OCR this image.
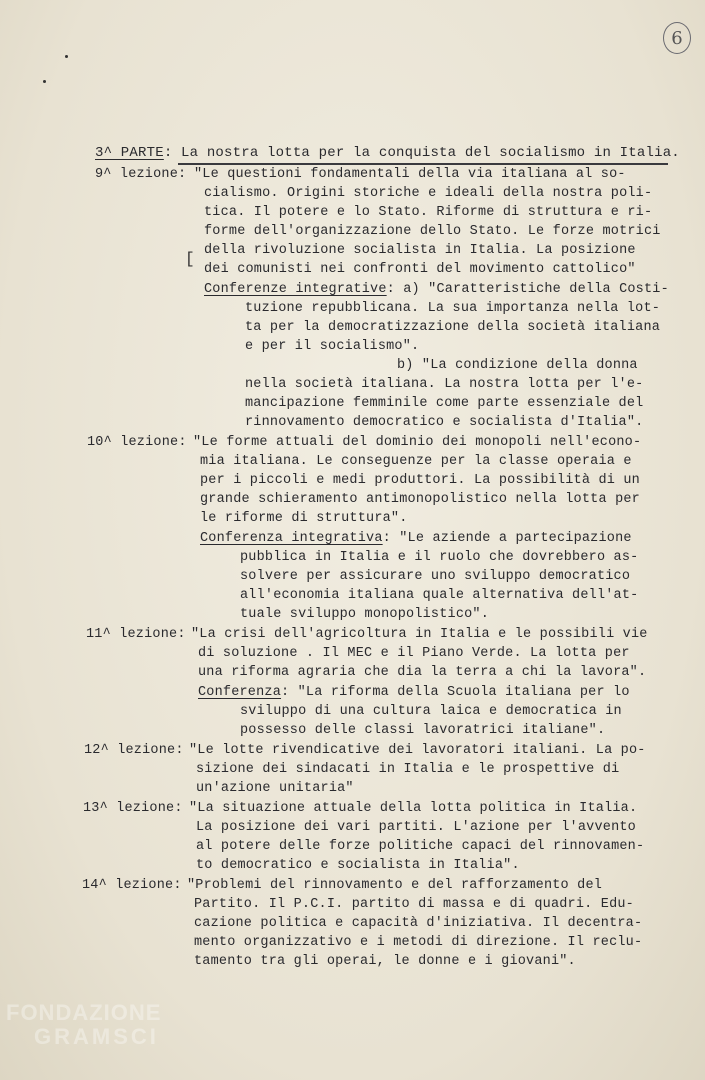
6
3^ PARTE: La nostra lotta per la conquista del socialismo in Italia.
9^ lezione: "Le questioni fondamentali della via italiana al so-
cialismo. Origini storiche e ideali della nostra poli-
tica. Il potere e lo Stato. Riforme di struttura e ri-
forme dell'organizzazione dello Stato. Le forze motrici
della rivoluzione socialista in Italia. La posizione
[
dei comunisti nei confronti del movimento cattolico"
Conferenze integrative: a) "Caratteristiche della Costi-
tuzione repubblicana. La sua importanza nella lot-
ta per la democratizzazione della società italiana
e per il socialismo".
b) "La condizione della donna
nella società italiana. La nostra lotta per l'e-
mancipazione femminile come parte essenziale del
rinnovamento democratico e socialista d'Italia".
10^ lezione: "Le forme attuali del dominio dei monopoli nell'econo-
mia italiana. Le conseguenze per la classe operaia e
per i piccoli e medi produttori. La possibilità di un
grande schieramento antimonopolistico nella lotta per
le riforme di struttura".
Conferenza integrativa: "Le aziende a partecipazione
pubblica in Italia e il ruolo che dovrebbero as-
solvere per assicurare uno sviluppo democratico
all'economia italiana quale alternativa dell'at-
tuale sviluppo monopolistico".
11^ lezione: "La crisi dell'agricoltura in Italia e le possibili vie
di soluzione . Il MEC e il Piano Verde. La lotta per
una riforma agraria che dia la terra a chi la lavora".
Conferenza: "La riforma della Scuola italiana per lo
sviluppo di una cultura laica e democratica in
possesso delle classi lavoratrici italiane".
12^ lezione: "Le lotte rivendicative dei lavoratori italiani. La po-
sizione dei sindacati in Italia e le prospettive di
un'azione unitaria"
13^ lezione: "La situazione attuale della lotta politica in Italia.
La posizione dei vari partiti. L'azione per l'avvento
al potere delle forze politiche capaci del rinnovamen-
to democratico e socialista in Italia".
14^ lezione: "Problemi del rinnovamento e del rafforzamento del
Partito. Il P.C.I. partito di massa e di quadri. Edu-
cazione politica e capacità d'iniziativa. Il decentra-
mento organizzativo e i metodi di direzione. Il reclu-
tamento tra gli operai, le donne e i giovani".
FONDAZIONE
GRAMSCI
